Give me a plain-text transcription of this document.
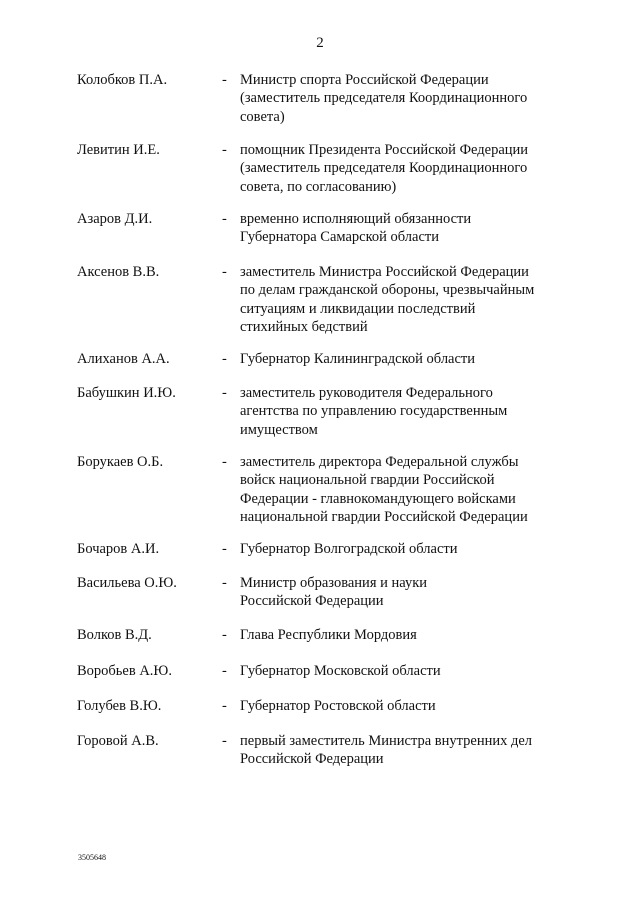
2
Колобков П.А.	- Министр спорта Российской Федерации
(заместитель председателя Координационного
совета)
Левитин И.Е.	- помощник Президента Российской Федерации
(заместитель председателя Координационного
совета, по согласованию)
Азаров Д.И.	- временно исполняющий обязанности
Губернатора Самарской области
Аксенов В.В.	- заместитель Министра Российской Федерации
по делам гражданской обороны, чрезвычайным
ситуациям и ликвидации последствий
стихийных бедствий
Алиханов А.А.	- Губернатор Калининградской области
Бабушкин И.Ю.	- заместитель руководителя Федерального
агентства по управлению государственным
имуществом
Борукаев О.Б.	- заместитель директора Федеральной службы
войск национальной гвардии Российской
Федерации - главнокомандующего войсками
национальной гвардии Российской Федерации
Бочаров А.И.	- Губернатор Волгоградской области
Васильева О.Ю.	- Министр образования и науки
Российской Федерации
Волков В.Д.	- Глава Республики Мордовия
Воробьев А.Ю.	- Губернатор Московской области
Голубев В.Ю.	- Губернатор Ростовской области
Горовой А.В.	- первый заместитель Министра внутренних дел
Российской Федерации
3505648
